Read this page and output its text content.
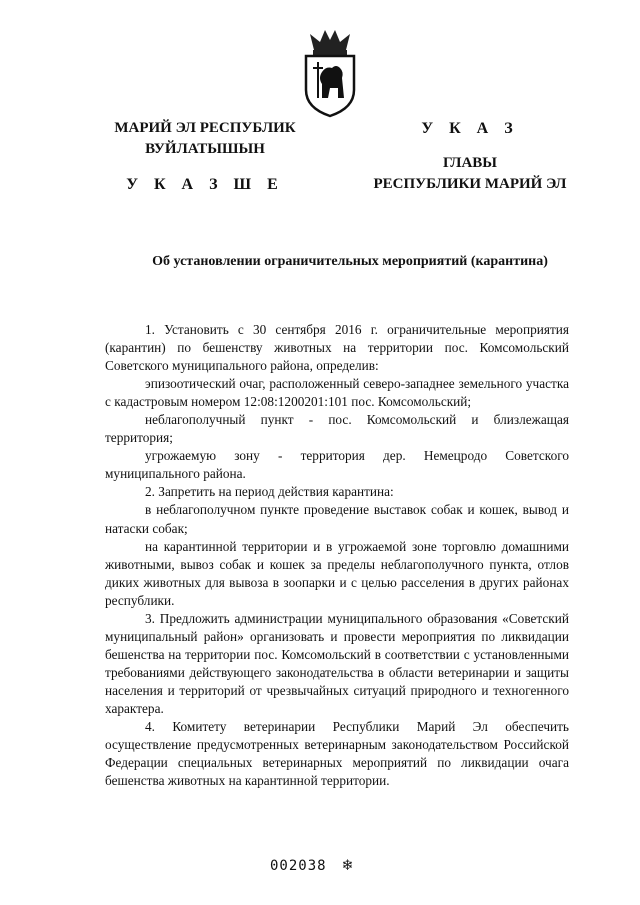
МАРИЙ ЭЛ РЕСПУБЛИК
ВУЙЛАТЫШЫН
У К А З Ш Е
У К А З
ГЛАВЫ
РЕСПУБЛИКИ МАРИЙ ЭЛ
Об установлении ограничительных мероприятий (карантина)

1. Установить с 30 сентября 2016 г. ограничительные мероприятия (карантин) по бешенству животных на территории пос. Комсомольский Советского муниципального района, определив:

эпизоотический очаг, расположенный северо-западнее земельного участка с кадастровым номером 12:08:1200201:101 пос. Комсомольский;

неблагополучный пункт - пос. Комсомольский и близлежащая территория;

угрожаемую зону - территория дер. Немецродо Советского муниципального района.

2. Запретить на период действия карантина:

в неблагополучном пункте проведение выставок собак и кошек, вывод и натаски собак;

на карантинной территории и в угрожаемой зоне торговлю домашними животными, вывоз собак и кошек за пределы неблагополучного пункта, отлов диких животных для вывоза в зоопарки и с целью расселения в других районах республики.

3. Предложить администрации муниципального образования «Советский муниципальный район» организовать и провести мероприятия по ликвидации бешенства на территории пос. Комсомольский в соответствии с установленными требованиями действующего законодательства в области ветеринарии и защиты населения и территорий от чрезвычайных ситуаций природного и техногенного характера.

4. Комитету ветеринарии Республики Марий Эл обеспечить осуществление предусмотренных ветеринарным законодательством Российской Федерации специальных ветеринарных мероприятий по ликвидации очага бешенства животных на карантинной территории.

002038 ❄
